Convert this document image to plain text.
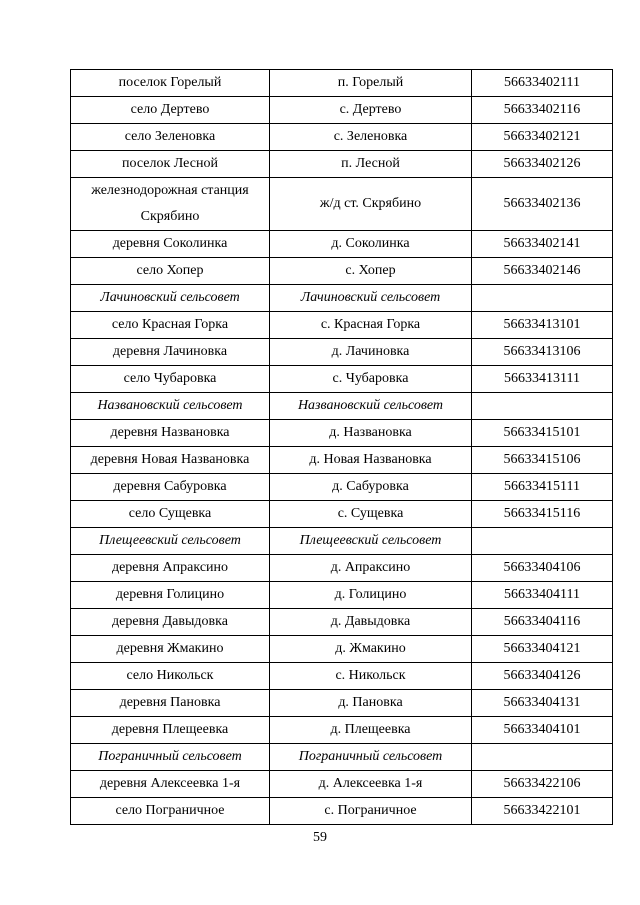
поселок Горелый	п. Горелый	56633402111
село Дертево	с. Дертево	56633402116
село Зеленовка	с. Зеленовка	56633402121
поселок Лесной	п. Лесной	56633402126
железнодорожная станция Скрябино	ж/д ст. Скрябино	56633402136
деревня Соколинка	д. Соколинка	56633402141
село Хопер	с. Хопер	56633402146
Лачиновский сельсовет	Лачиновский сельсовет	
село Красная Горка	с. Красная Горка	56633413101
деревня Лачиновка	д. Лачиновка	56633413106
село Чубаровка	с. Чубаровка	56633413111
Названовский сельсовет	Названовский сельсовет	
деревня Названовка	д. Названовка	56633415101
деревня Новая Названовка	д. Новая Названовка	56633415106
деревня Сабуровка	д. Сабуровка	56633415111
село Сущевка	с. Сущевка	56633415116
Плещеевский сельсовет	Плещеевский сельсовет	
деревня Апраксино	д. Апраксино	56633404106
деревня Голицино	д. Голицино	56633404111
деревня Давыдовка	д. Давыдовка	56633404116
деревня Жмакино	д. Жмакино	56633404121
село Никольск	с. Никольск	56633404126
деревня Пановка	д. Пановка	56633404131
деревня Плещеевка	д. Плещеевка	56633404101
Пограничный сельсовет	Пограничный сельсовет	
деревня Алексеевка 1-я	д. Алексеевка 1-я	56633422106
село Пограничное	с. Пограничное	56633422101
59
